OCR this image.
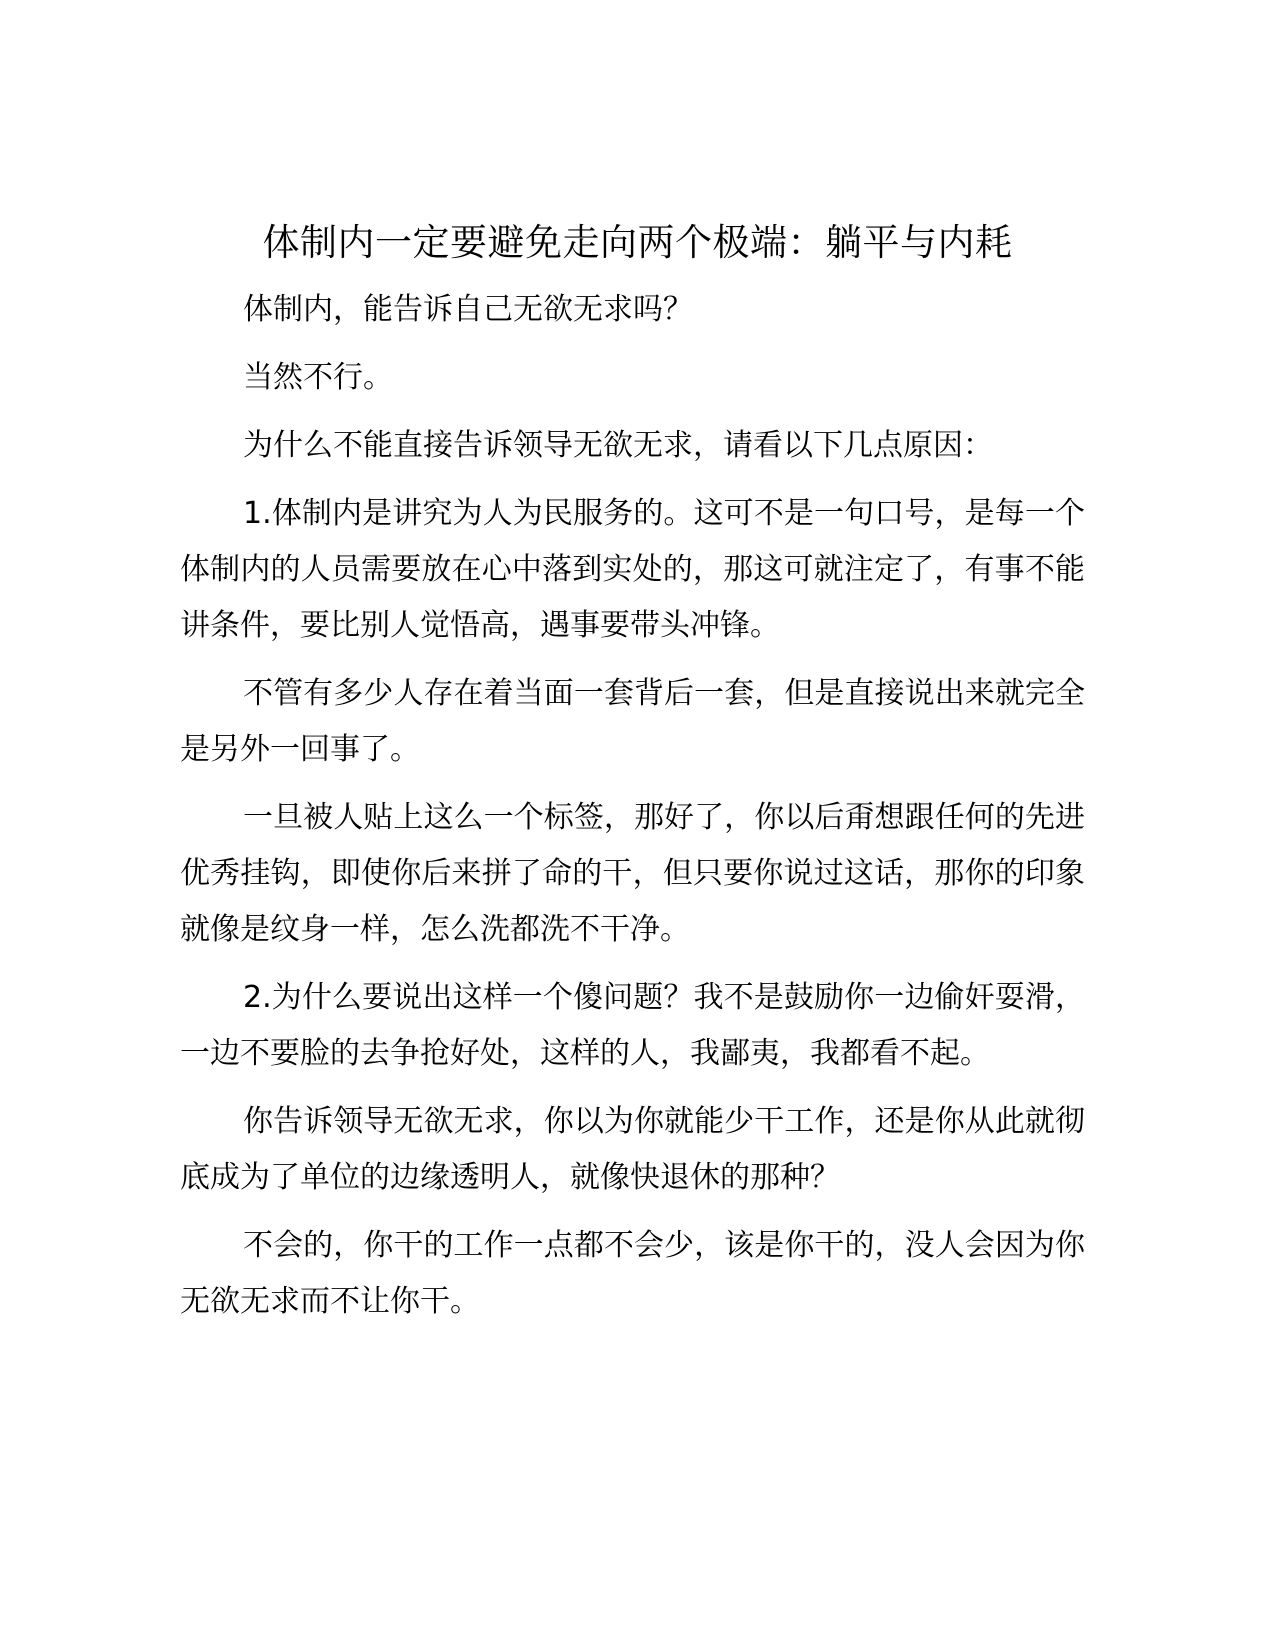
体制内一定要避免走向两个极端：躺平与内耗

体制内，能告诉自己无欲无求吗？

当然不行。

为什么不能直接告诉领导无欲无求，请看以下几点原因：

1.体制内是讲究为人为民服务的。这可不是一句口号，是每一个体制内的人员需要放在心中落到实处的，那这可就注定了，有事不能讲条件，要比别人觉悟高，遇事要带头冲锋。

不管有多少人存在着当面一套背后一套，但是直接说出来就完全是另外一回事了。

一旦被人贴上这么一个标签，那好了，你以后甭想跟任何的先进优秀挂钩，即使你后来拼了命的干，但只要你说过这话，那你的印象就像是纹身一样，怎么洗都洗不干净。

2.为什么要说出这样一个傻问题？我不是鼓励你一边偷奸耍滑，一边不要脸的去争抢好处，这样的人，我鄙夷，我都看不起。

你告诉领导无欲无求，你以为你就能少干工作，还是你从此就彻底成为了单位的边缘透明人，就像快退休的那种？

不会的，你干的工作一点都不会少，该是你干的，没人会因为你无欲无求而不让你干。
